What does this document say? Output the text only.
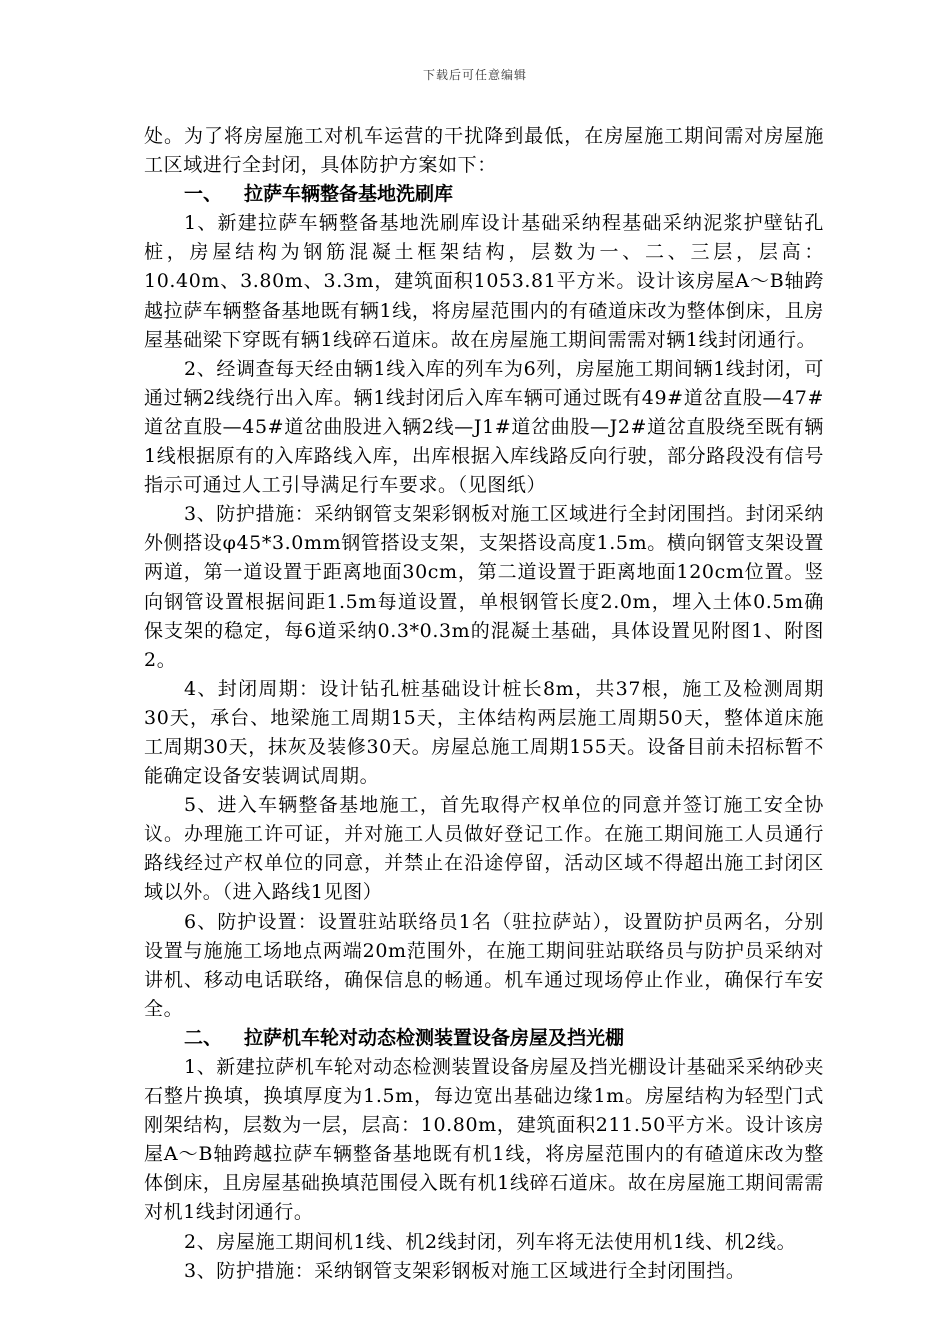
下载后可任意编辑

处。为了将房屋施工对机车运营的干扰降到最低，在房屋施工期间需对房屋施工区域进行全封闭，具体防护方案如下：

一、 拉萨车辆整备基地洗刷库

1、新建拉萨车辆整备基地洗刷库设计基础采纳程基础采纳泥浆护壁钻孔桩，房屋结构为钢筋混凝土框架结构，层数为一、二、三层，层高：10.40m、3.80m、3.3m，建筑面积1053.81平方米。设计该房屋A～B轴跨越拉萨车辆整备基地既有辆1线，将房屋范围内的有碴道床改为整体倒床，且房屋基础梁下穿既有辆1线碎石道床。故在房屋施工期间需需对辆1线封闭通行。

2、经调查每天经由辆1线入库的列车为6列，房屋施工期间辆1线封闭，可通过辆2线绕行出入库。辆1线封闭后入库车辆可通过既有49#道岔直股—47#道岔直股—45#道岔曲股进入辆2线—J1#道岔曲股—J2#道岔直股绕至既有辆1线根据原有的入库路线入库，出库根据入库线路反向行驶，部分路段没有信号指示可通过人工引导满足行车要求。（见图纸）

3、防护措施：采纳钢管支架彩钢板对施工区域进行全封闭围挡。封闭采纳外侧搭设φ45*3.0mm钢管搭设支架，支架搭设高度1.5m。横向钢管支架设置两道，第一道设置于距离地面30cm，第二道设置于距离地面120cm位置。竖向钢管设置根据间距1.5m每道设置，单根钢管长度2.0m，埋入土体0.5m确保支架的稳定，每6道采纳0.3*0.3m的混凝土基础，具体设置见附图1、附图2。

4、封闭周期：设计钻孔桩基础设计桩长8m，共37根，施工及检测周期30天，承台、地梁施工周期15天，主体结构两层施工周期50天，整体道床施工周期30天，抹灰及装修30天。房屋总施工周期155天。设备目前未招标暂不能确定设备安装调试周期。

5、进入车辆整备基地施工，首先取得产权单位的同意并签订施工安全协议。办理施工许可证，并对施工人员做好登记工作。在施工期间施工人员通行路线经过产权单位的同意，并禁止在沿途停留，活动区域不得超出施工封闭区域以外。（进入路线1见图）

6、防护设置：设置驻站联络员1名（驻拉萨站），设置防护员两名，分别设置与施施工场地点两端20m范围外，在施工期间驻站联络员与防护员采纳对讲机、移动电话联络，确保信息的畅通。机车通过现场停止作业，确保行车安全。

二、 拉萨机车轮对动态检测装置设备房屋及挡光棚

1、新建拉萨机车轮对动态检测装置设备房屋及挡光棚设计基础采采纳砂夹石整片换填，换填厚度为1.5m，每边宽出基础边缘1m。房屋结构为轻型门式刚架结构，层数为一层，层高：10.80m，建筑面积211.50平方米。设计该房屋A～B轴跨越拉萨车辆整备基地既有机1线，将房屋范围内的有碴道床改为整体倒床，且房屋基础换填范围侵入既有机1线碎石道床。故在房屋施工期间需需对机1线封闭通行。

2、房屋施工期间机1线、机2线封闭，列车将无法使用机1线、机2线。

3、防护措施：采纳钢管支架彩钢板对施工区域进行全封闭围挡。
